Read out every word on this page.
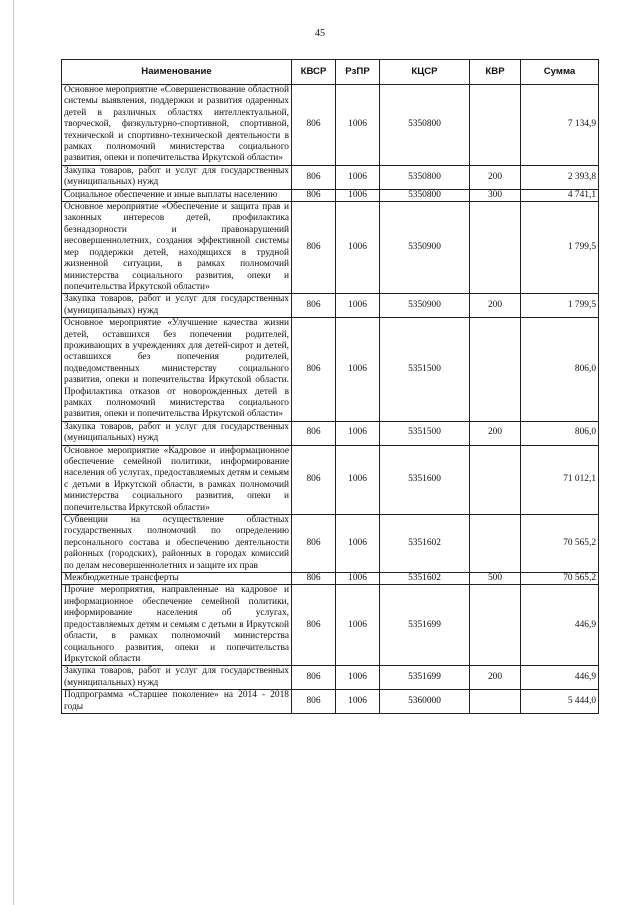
45
Наименование	КВСР	РзПР	КЦСР	КВР	Сумма
Основное мероприятие «Совершенствование областной системы выявления, поддержки и развития одаренных детей в различных областях интеллектуальной, творческой, физкультурно-спортивной, спортивной, технической и спортивно-технической деятельности в рамках полномочий министерства социального развития, опеки и попечительства Иркутской области»	806	1006	5350800		7 134,9
Закупка товаров, работ и услуг для государственных (муниципальных) нужд	806	1006	5350800	200	2 393,8
Социальное обеспечение и иные выплаты населению	806	1006	5350800	300	4 741,1
Основное мероприятие «Обеспечение и защита прав и законных интересов детей, профилактика безнадзорности и правонарушений несовершеннолетних, создания эффективной системы мер поддержки детей, находящихся в трудной жизненной ситуации, в рамках полномочий министерства социального развития, опеки и попечительства Иркутской области»	806	1006	5350900		1 799,5
Закупка товаров, работ и услуг для государственных (муниципальных) нужд	806	1006	5350900	200	1 799,5
Основное мероприятие «Улучшение качества жизни детей, оставшихся без попечения родителей, проживающих в учреждениях для детей-сирот и детей, оставшихся без попечения родителей, подведомственных министерству социального развития, опеки и попечительства Иркутской области. Профилактика отказов от новорожденных детей в рамках полномочий министерства социального развития, опеки и попечительства Иркутской области»	806	1006	5351500		806,0
Закупка товаров, работ и услуг для государственных (муниципальных) нужд	806	1006	5351500	200	806,0
Основное мероприятие «Кадровое и информационное обеспечение семейной политики, информирование населения об услугах, предоставляемых детям и семьям с детьми в Иркутской области, в рамках полномочий министерства социального развития, опеки и попечительства Иркутской области»	806	1006	5351600		71 012,1
Субвенции на осуществление областных государственных полномочий по определению персонального состава и обеспечению деятельности районных (городских), районных в городах комиссий по делам несовершеннолетних и защите их прав	806	1006	5351602		70 565,2
Межбюджетные трансферты	806	1006	5351602	500	70 565,2
Прочие мероприятия, направленные на кадровое и информационное обеспечение семейной политики, информирование населения об услугах, предоставляемых детям и семьям с детьми в Иркутской области, в рамках полномочий министерства социального развития, опеки и попечительства Иркутской области	806	1006	5351699		446,9
Закупка товаров, работ и услуг для государственных (муниципальных) нужд	806	1006	5351699	200	446,9
Подпрограмма «Старшее поколение» на 2014 - 2018 годы	806	1006	5360000		5 444,0
